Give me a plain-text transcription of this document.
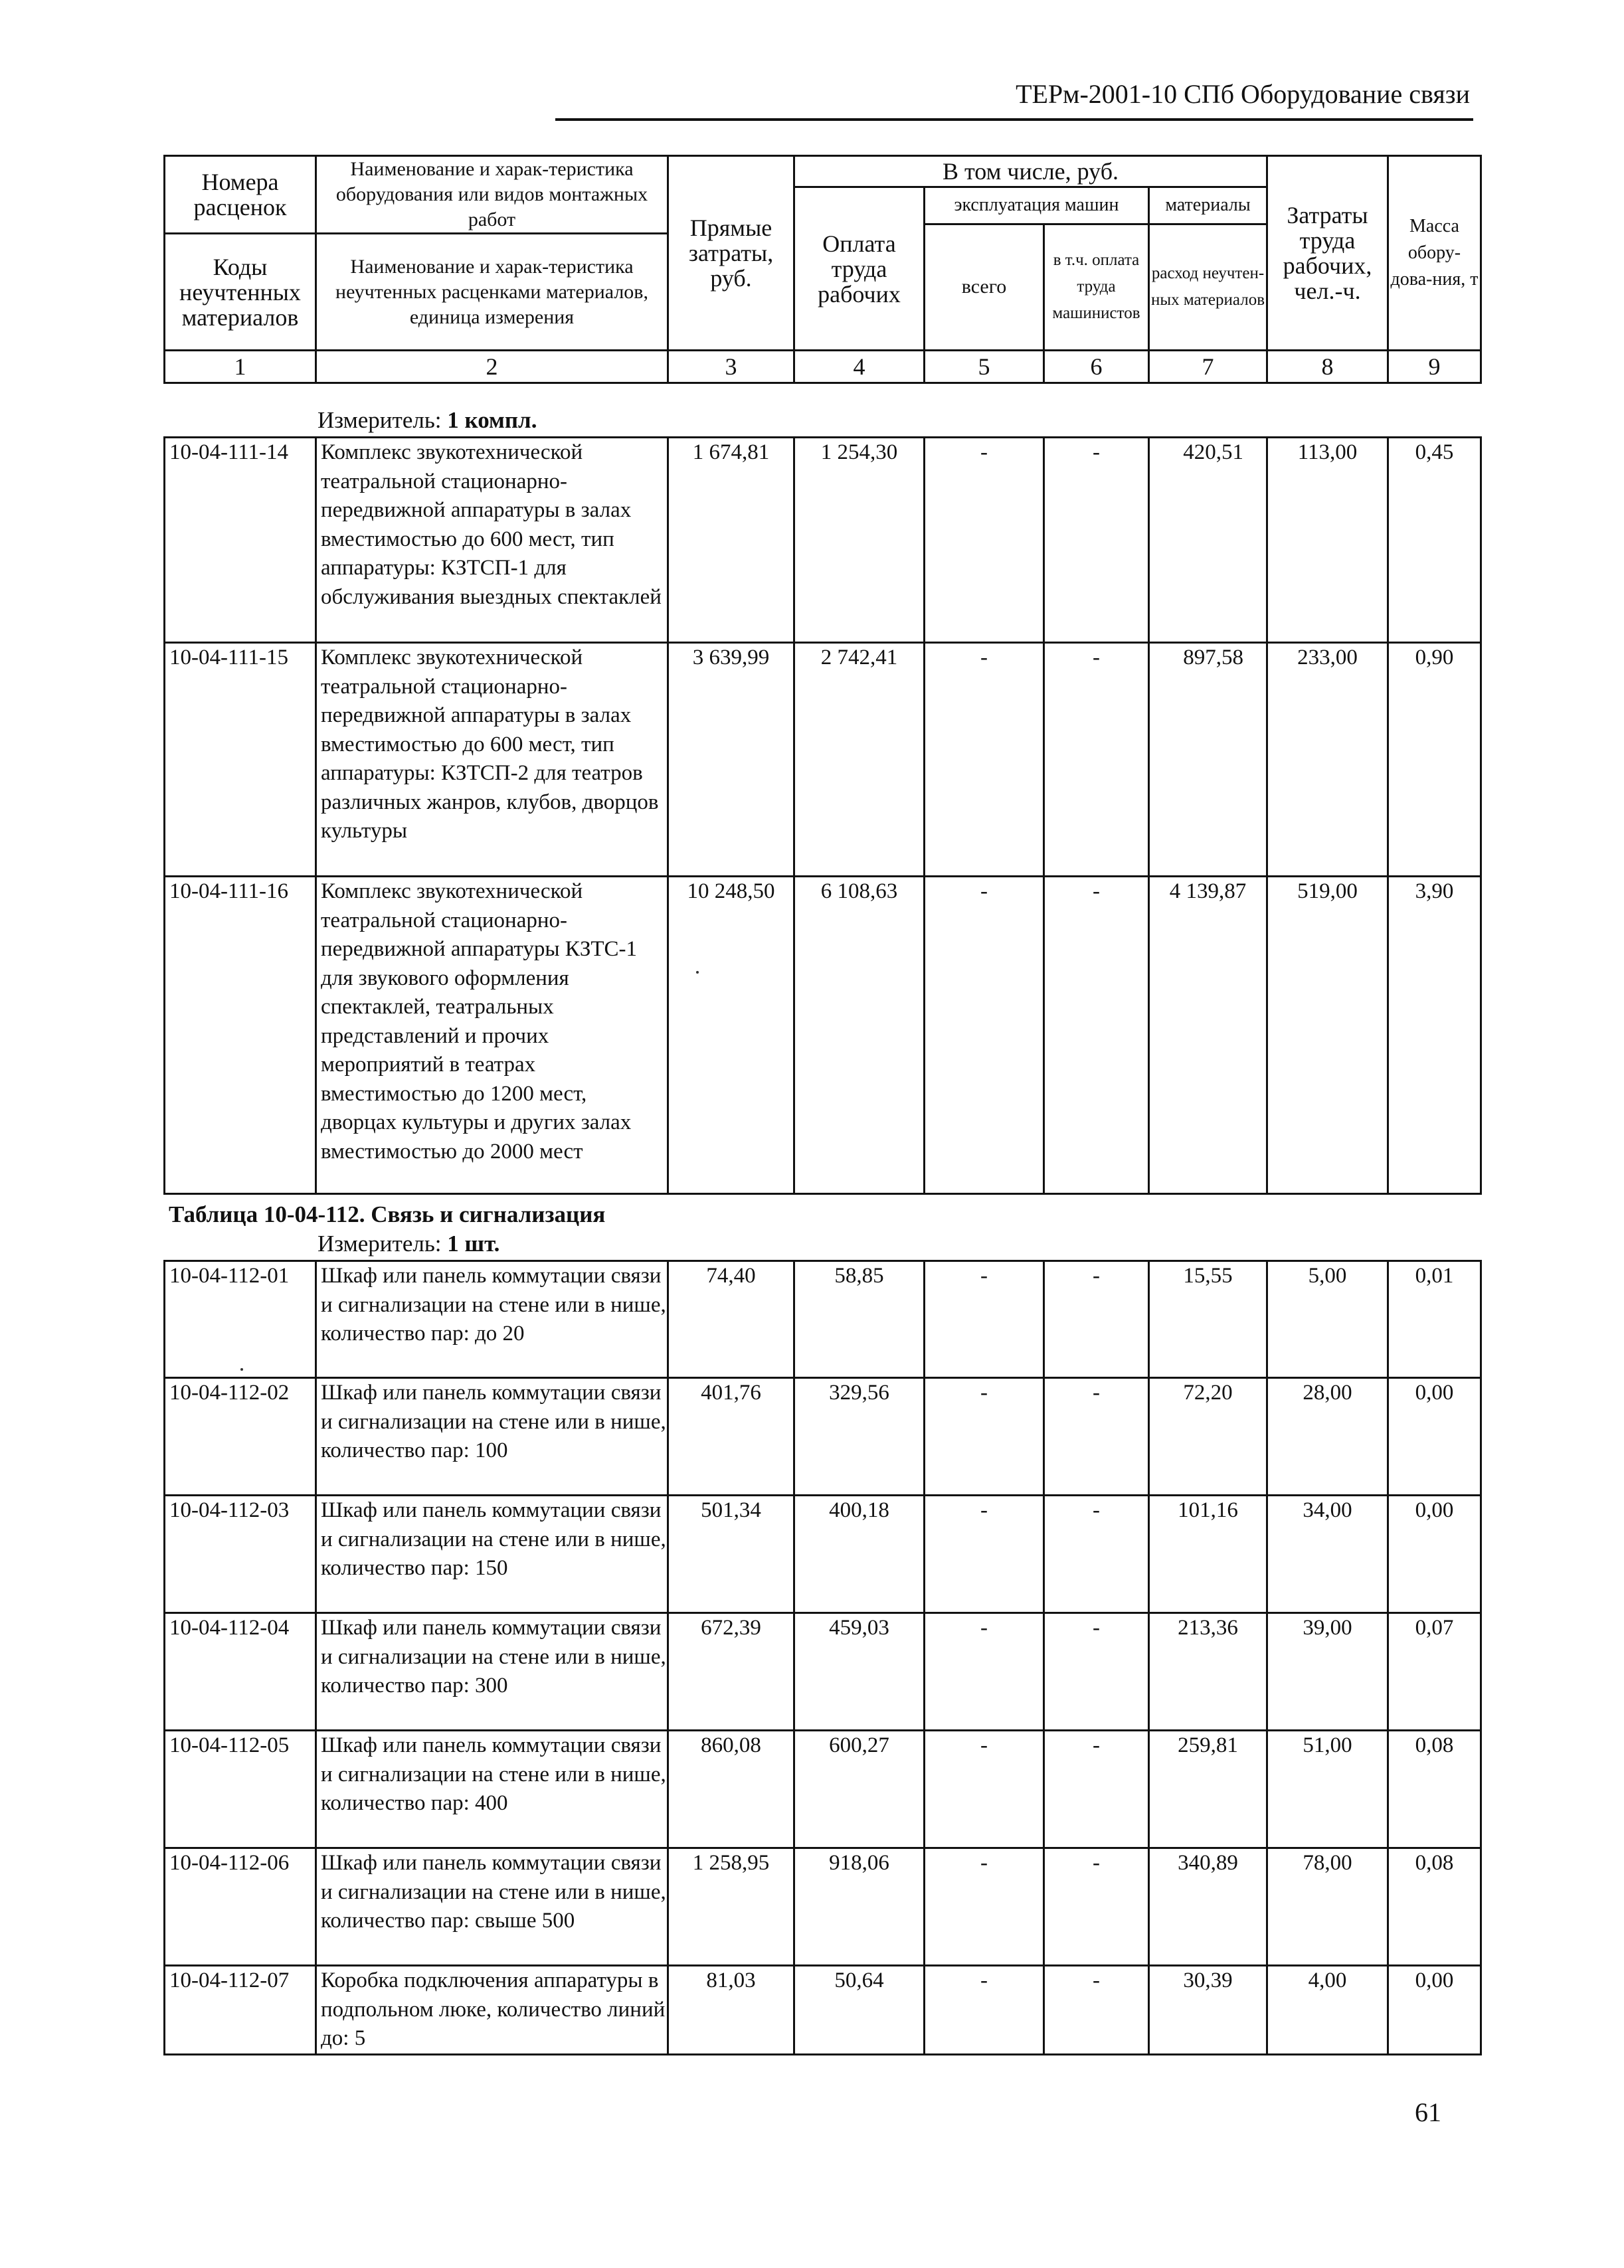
ТЕРм-2001-10 СПб Оборудование связи
Номера расценок	Наименование и харак-теристика оборудования или видов монтажных работ	Прямые затраты, руб.	В том числе, руб.				Затраты труда рабочих, чел.-ч.	Масса обору-дова-ния, т
			Оплата труда рабочих	эксплуатация машин		материалы		
				всего	в т.ч. оплата труда машинистов	расход неучтен-ных материалов		
Коды неучтенных материалов	Наименование и харак-теристика неучтенных расценками материалов, единица измерения							

1	2	3	4	5	6	7	8	9
Измеритель: 1 компл.
10-04-111-14	Комплекс звукотехнической театральной стационарно-передвижной аппаратуры в залах вместимостью до 600 мест, тип аппаратуры: КЗТСП-1 для обслуживания выездных спектаклей	1 674,81	1 254,30	-	-	420,51	113,00	0,45
10-04-111-15	Комплекс звукотехнической театральной стационарно-передвижной аппаратуры в залах вместимостью до 600 мест, тип аппаратуры: КЗТСП-2 для театров различных жанров, клубов, дворцов культуры	3 639,99	2 742,41	-	-	897,58	233,00	0,90
10-04-111-16	Комплекс звукотехнической театральной стационарно-передвижной аппаратуры КЗТС-1 для звукового оформления спектаклей, театральных представлений и прочих мероприятий в театрах вместимостью до 1200 мест, дворцах культуры и других залах вместимостью до 2000 мест	10 248,50	6 108,63	-	-	4 139,87	519,00	3,90
Таблица 10-04-112. Связь и сигнализация
Измеритель: 1 шт.
10-04-112-01	Шкаф или панель коммутации связи и сигнализации на стене или в нише, количество пар: до 20	74,40	58,85	-	-	15,55	5,00	0,01
10-04-112-02	Шкаф или панель коммутации связи и сигнализации на стене или в нише, количество пар: 100	401,76	329,56	-	-	72,20	28,00	0,00
10-04-112-03	Шкаф или панель коммутации связи и сигнализации на стене или в нише, количество пар: 150	501,34	400,18	-	-	101,16	34,00	0,00
10-04-112-04	Шкаф или панель коммутации связи и сигнализации на стене или в нише, количество пар: 300	672,39	459,03	-	-	213,36	39,00	0,07
10-04-112-05	Шкаф или панель коммутации связи и сигнализации на стене или в нише, количество пар: 400	860,08	600,27	-	-	259,81	51,00	0,08
10-04-112-06	Шкаф или панель коммутации связи и сигнализации на стене или в нише, количество пар: свыше 500	1 258,95	918,06	-	-	340,89	78,00	0,08
10-04-112-07	Коробка подключения аппаратуры в подпольном люке, количество линий до: 5	81,03	50,64	-	-	30,39	4,00	0,00
61
